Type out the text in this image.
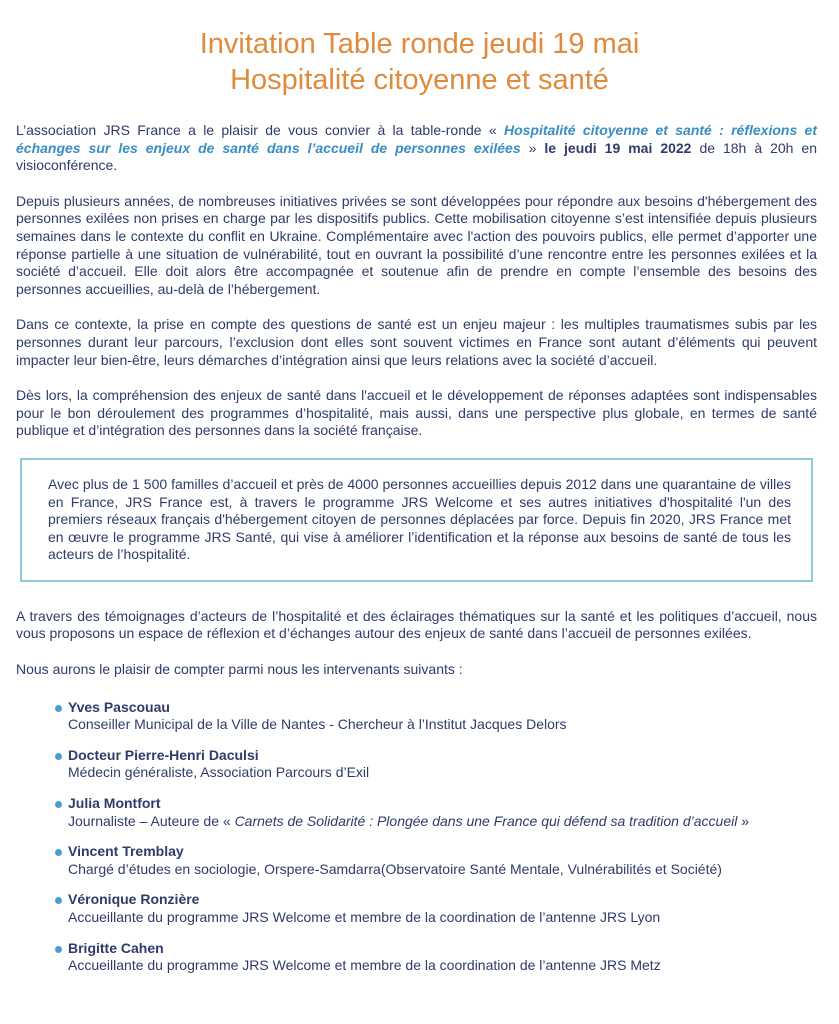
Invitation Table ronde jeudi 19 mai
Hospitalité citoyenne et santé

L’association JRS France a le plaisir de vous convier à la table-ronde « Hospitalité citoyenne et santé : réflexions et échanges sur les enjeux de santé dans l’accueil de personnes exilées » le jeudi 19 mai 2022 de 18h à 20h en visioconférence.

Depuis plusieurs années, de nombreuses initiatives privées se sont développées pour répondre aux besoins d'hébergement des personnes exilées non prises en charge par les dispositifs publics. Cette mobilisation citoyenne s’est intensifiée depuis plusieurs semaines dans le contexte du conflit en Ukraine. Complémentaire avec l'action des pouvoirs publics, elle permet d’apporter une réponse partielle à une situation de vulnérabilité, tout en ouvrant la possibilité d’une rencontre entre les personnes exilées et la société d’accueil. Elle doit alors être accompagnée et soutenue afin de prendre en compte l’ensemble des besoins des personnes accueillies, au-delà de l’hébergement.

Dans ce contexte, la prise en compte des questions de santé est un enjeu majeur : les multiples traumatismes subis par les personnes durant leur parcours, l’exclusion dont elles sont souvent victimes en France sont autant d’éléments qui peuvent impacter leur bien-être, leurs démarches d’intégration ainsi que leurs relations avec la société d’accueil.

Dès lors, la compréhension des enjeux de santé dans l'accueil et le développement de réponses adaptées sont indispensables pour le bon déroulement des programmes d’hospitalité, mais aussi, dans une perspective plus globale, en termes de santé publique et d’intégration des personnes dans la société française.

Avec plus de 1 500 familles d’accueil et près de 4000 personnes accueillies depuis 2012 dans une quarantaine de villes en France, JRS France est, à travers le programme JRS Welcome et ses autres initiatives d'hospitalité l'un des premiers réseaux français d'hébergement citoyen de personnes déplacées par force. Depuis fin 2020, JRS France met en œuvre le programme JRS Santé, qui vise à améliorer l’identification et la réponse aux besoins de santé de tous les acteurs de l’hospitalité.

A travers des témoignages d’acteurs de l’hospitalité et des éclairages thématiques sur la santé et les politiques d’accueil, nous vous proposons un espace de réflexion et d’échanges autour des enjeux de santé dans l’accueil de personnes exilées.

Nous aurons le plaisir de compter parmi nous les intervenants suivants :

Yves Pascouau
Conseiller Municipal de la Ville de Nantes - Chercheur à l’Institut Jacques Delors
Docteur Pierre-Henri Daculsi
Médecin généraliste, Association Parcours d’Exil
Julia Montfort
Journaliste – Auteure de « Carnets de Solidarité : Plongée dans une France qui défend sa tradition d’accueil »
Vincent Tremblay
Chargé d’études en sociologie, Orspere-Samdarra(Observatoire Santé Mentale, Vulnérabilités et Société)
Véronique Ronzière
Accueillante du programme JRS Welcome et membre de la coordination de l’antenne JRS Lyon
Brigitte Cahen
Accueillante du programme JRS Welcome et membre de la coordination de l’antenne JRS Metz
